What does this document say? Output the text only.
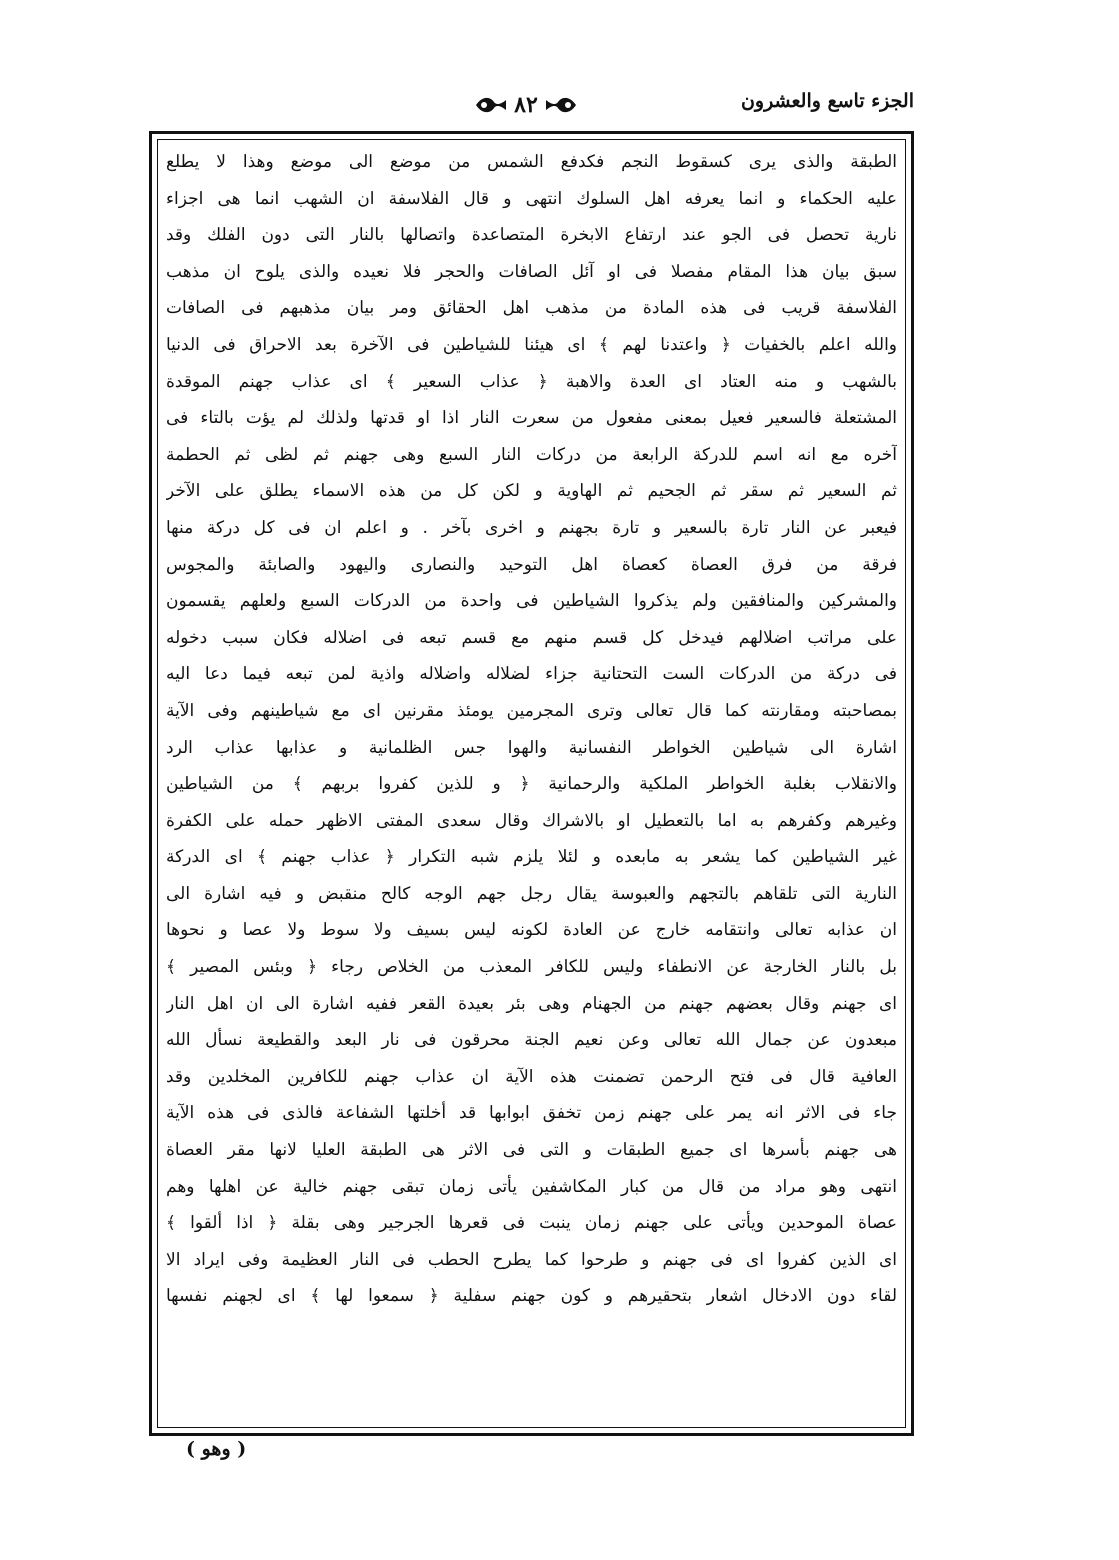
الجزء تاسع والعشرون
٨٢
الطبقة والذى يرى كسقوط النجم فكدفع الشمس من موضع الى موضع وهذا لا يطلع
عليه الحكماء و انما يعرفه اهل السلوك انتهى و قال الفلاسفة ان الشهب انما هى اجزاء
نارية تحصل فى الجو عند ارتفاع الابخرة المتصاعدة واتصالها بالنار التى دون الفلك وقد
سبق بيان هذا المقام مفصلا فى او آئل الصافات والحجر فلا نعيده والذى يلوح ان مذهب
الفلاسفة قريب فى هذه المادة من مذهب اهل الحقائق ومر بيان مذهبهم فى الصافات
والله اعلم بالخفيات ﴿ واعتدنا لهم ﴾ اى هيئنا للشياطين فى الآخرة بعد الاحراق فى الدنيا
بالشهب و منه العتاد اى العدة والاهبة ﴿ عذاب السعير ﴾ اى عذاب جهنم الموقدة
المشتعلة فالسعير فعيل بمعنى مفعول من سعرت النار اذا او قدتها ولذلك لم يؤت بالتاء فى
آخره مع انه اسم للدركة الرابعة من دركات النار السبع وهى جهنم ثم لظى ثم الحطمة
ثم السعير ثم سقر ثم الجحيم ثم الهاوية و لكن كل من هذه الاسماء يطلق على الآخر
فيعبر عن النار تارة بالسعير و تارة بجهنم و اخرى بآخر . و اعلم ان فى كل دركة منها
فرقة من فرق العصاة كعصاة اهل التوحيد والنصارى واليهود والصابئة والمجوس
والمشركين والمنافقين ولم يذكروا الشياطين فى واحدة من الدركات السبع ولعلهم يقسمون
على مراتب اضلالهم فيدخل كل قسم منهم مع قسم تبعه فى اضلاله فكان سبب دخوله
فى دركة من الدركات الست التحتانية جزاء لضلاله واضلاله واذية لمن تبعه فيما دعا اليه
بمصاحبته ومقارنته كما قال تعالى وترى المجرمين يومئذ مقرنين اى مع شياطينهم وفى الآية
اشارة الى شياطين الخواطر النفسانية والهوا جس الظلمانية و عذابها عذاب الرد
والانقلاب بغلبة الخواطر الملكية والرحمانية ﴿ و للذين كفروا بربهم ﴾ من الشياطين
وغيرهم وكفرهم به اما بالتعطيل او بالاشراك وقال سعدى المفتى الاظهر حمله على الكفرة
غير الشياطين كما يشعر به مابعده و لئلا يلزم شبه التكرار ﴿ عذاب جهنم ﴾ اى الدركة
النارية التى تلقاهم بالتجهم والعبوسة يقال رجل جهم الوجه كالح منقبض و فيه اشارة الى
ان عذابه تعالى وانتقامه خارج عن العادة لكونه ليس بسيف ولا سوط ولا عصا و نحوها
بل بالنار الخارجة عن الانطفاء وليس للكافر المعذب من الخلاص رجاء ﴿ وبئس المصير ﴾
اى جهنم وقال بعضهم جهنم من الجهنام وهى بئر بعيدة القعر ففيه اشارة الى ان اهل النار
مبعدون عن جمال الله تعالى وعن نعيم الجنة محرقون فى نار البعد والقطيعة نسأل الله
العافية قال فى فتح الرحمن تضمنت هذه الآية ان عذاب جهنم للكافرين المخلدين وقد
جاء فى الاثر انه يمر على جهنم زمن تخفق ابوابها قد أخلتها الشفاعة فالذى فى هذه الآية
هى جهنم بأسرها اى جميع الطبقات و التى فى الاثر هى الطبقة العليا لانها مقر العصاة
انتهى وهو مراد من قال من كبار المكاشفين يأتى زمان تبقى جهنم خالية عن اهلها وهم
عصاة الموحدين ويأتى على جهنم زمان ينبت فى قعرها الجرجير وهى بقلة ﴿ اذا ألقوا ﴾
اى الذين كفروا اى فى جهنم و طرحوا كما يطرح الحطب فى النار العظيمة وفى ايراد الا
لقاء دون الادخال اشعار بتحقيرهم و كون جهنم سفلية ﴿ سمعوا لها ﴾ اى لجهنم نفسها
( وهو )
